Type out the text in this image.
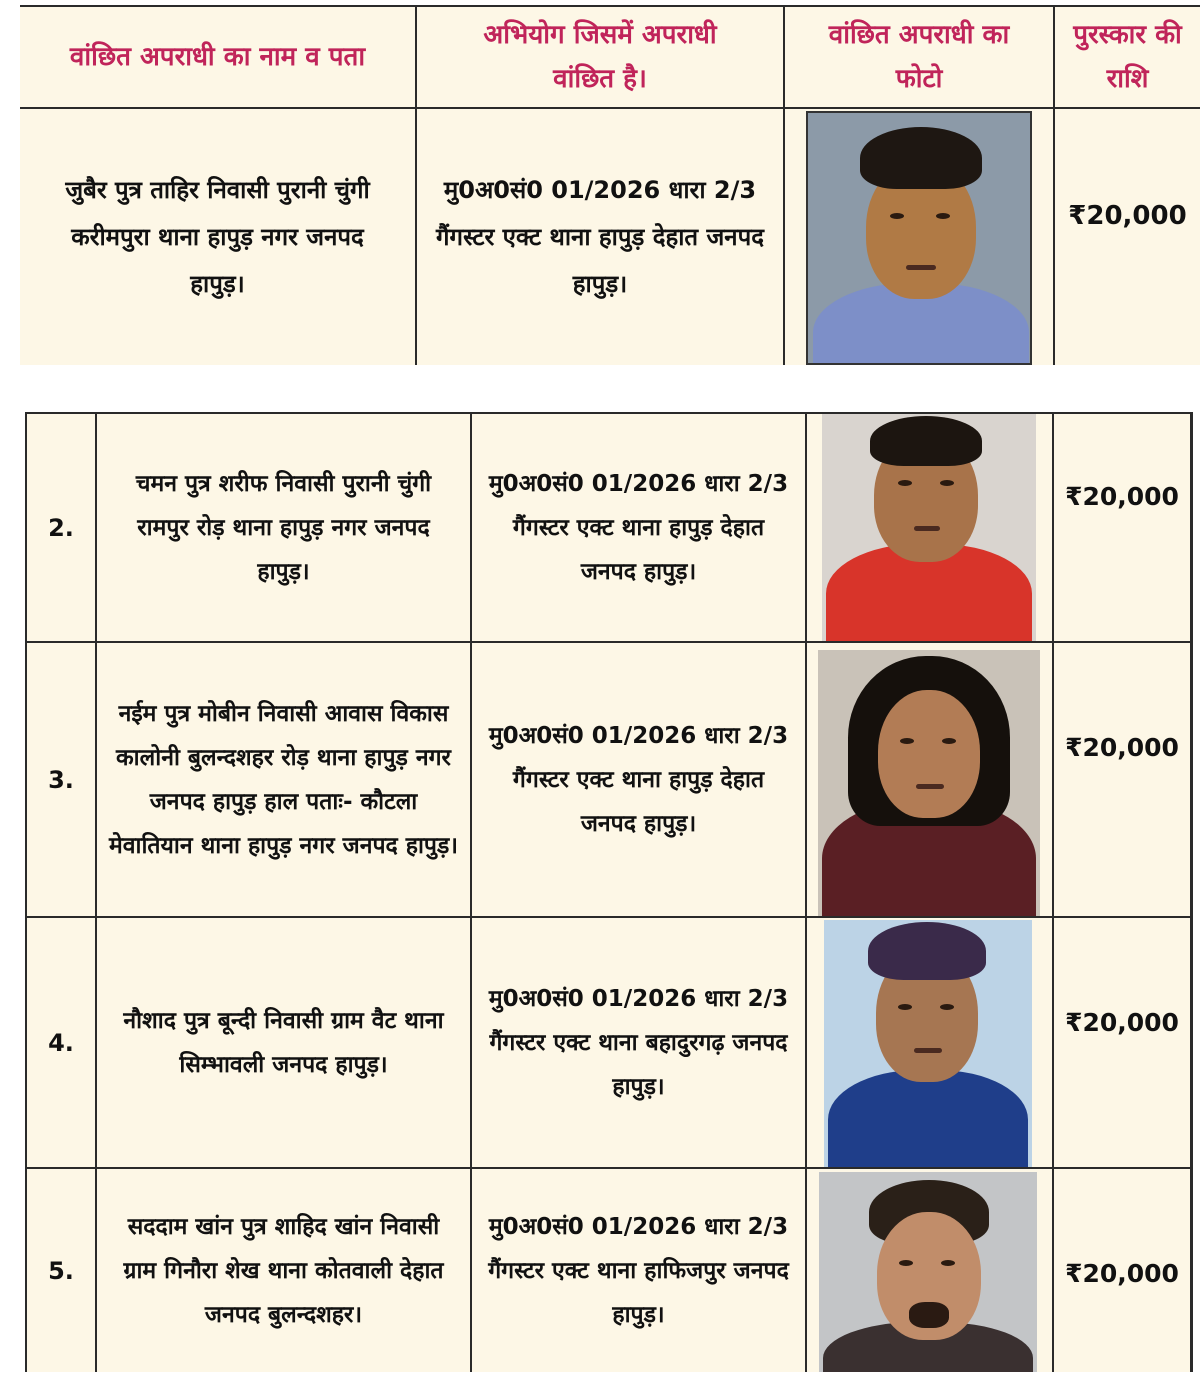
वांछित अपराधी का नाम व पता
अभियोग जिसमें अपराधी वांछित है।
वांछित अपराधी का फोटो
पुरस्कार की राशि
जुबैर पुत्र ताहिर निवासी पुरानी चुंगी करीमपुरा थाना हापुड़ नगर जनपद हापुड़।
मु0अ0सं0 01/2026 धारा 2/3 गैंगस्टर एक्ट थाना हापुड़ देहात जनपद हापुड़।
₹20,000
2.
चमन पुत्र शरीफ निवासी पुरानी चुंगी रामपुर रोड़ थाना हापुड़ नगर जनपद हापुड़।
मु0अ0सं0 01/2026 धारा 2/3 गैंगस्टर एक्ट थाना हापुड़ देहात जनपद हापुड़।
₹20,000
3.
नईम पुत्र मोबीन निवासी आवास विकास कालोनी बुलन्दशहर रोड़ थाना हापुड़ नगर जनपद हापुड़ हाल पताः- कौटला मेवातियान थाना हापुड़ नगर जनपद हापुड़।
मु0अ0सं0 01/2026 धारा 2/3 गैंगस्टर एक्ट थाना हापुड़ देहात जनपद हापुड़।
₹20,000
4.
नौशाद पुत्र बून्दी निवासी ग्राम वैट थाना सिम्भावली जनपद हापुड़।
मु0अ0सं0 01/2026 धारा 2/3 गैंगस्टर एक्ट थाना बहादुरगढ़ जनपद हापुड़।
₹20,000
5.
सददाम खांन पुत्र शाहिद खांन निवासी ग्राम गिनौरा शेख थाना कोतवाली देहात जनपद बुलन्दशहर।
मु0अ0सं0 01/2026 धारा 2/3 गैंगस्टर एक्ट थाना हाफिजपुर जनपद हापुड़।
₹20,000
